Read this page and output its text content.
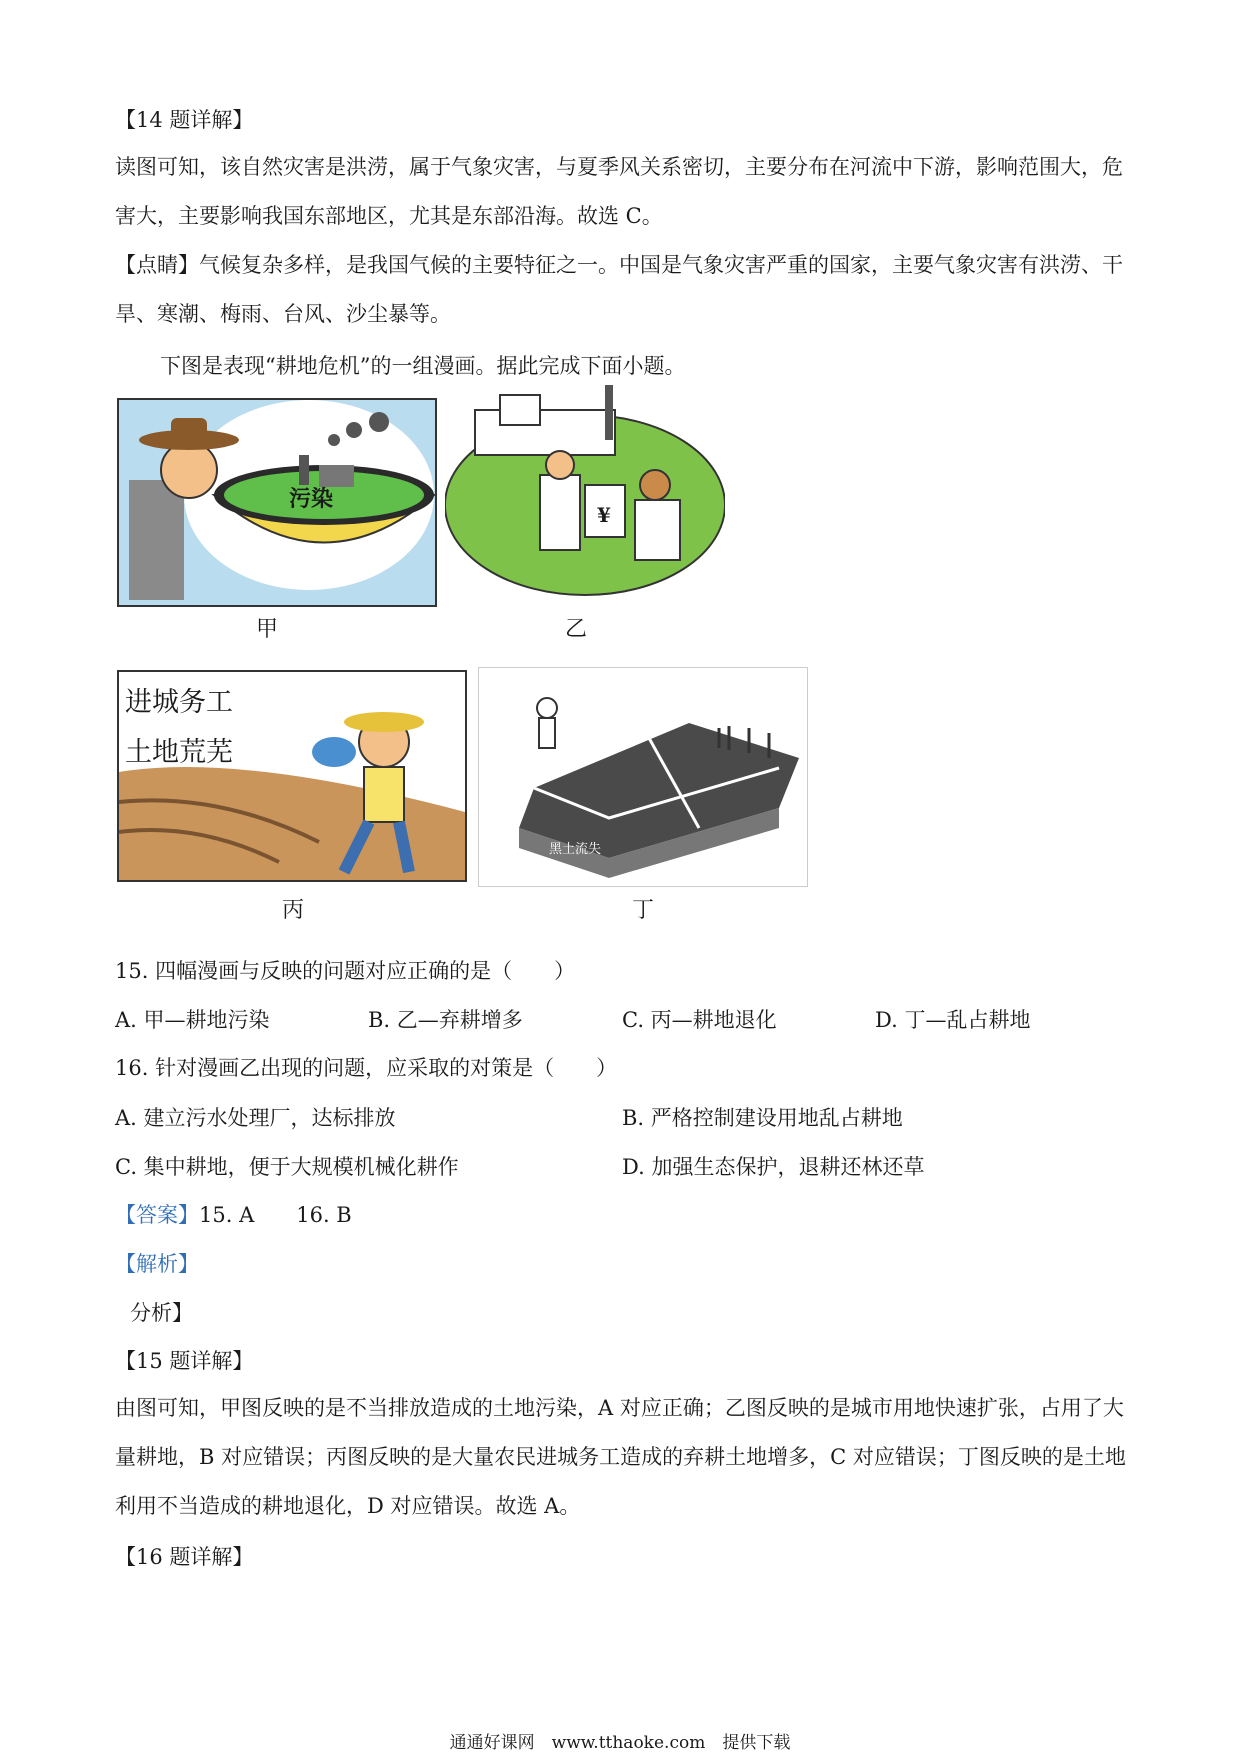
【14 题详解】
读图可知，该自然灾害是洪涝，属于气象灾害，与夏季风关系密切，主要分布在河流中下游，影响范围大，危害大，主要影响我国东部地区，尤其是东部沿海。故选 C。
【点睛】气候复杂多样，是我国气候的主要特征之一。中国是气象灾害严重的国家，主要气象灾害有洪涝、干旱、寒潮、梅雨、台风、沙尘暴等。
下图是表现“耕地危机”的一组漫画。据此完成下面小题。
污染
甲
¥
乙
进城务工
土地荒芜
丙
黑土流失
丁
15. 四幅漫画与反映的问题对应正确的是（　　）
A. 甲—耕地污染	B. 乙—弃耕增多	C. 丙—耕地退化	D. 丁—乱占耕地
16. 针对漫画乙出现的问题，应采取的对策是（　　）
A. 建立污水处理厂，达标排放	B. 严格控制建设用地乱占耕地
C. 集中耕地，便于大规模机械化耕作	D. 加强生态保护，退耕还林还草
【答案】15. A　　16. B
【解析】
分析】
【15 题详解】
由图可知，甲图反映的是不当排放造成的土地污染，A 对应正确；乙图反映的是城市用地快速扩张，占用了大量耕地，B 对应错误；丙图反映的是大量农民进城务工造成的弃耕土地增多，C 对应错误；丁图反映的是土地利用不当造成的耕地退化，D 对应错误。故选 A。
【16 题详解】
通通好课网　www.tthaoke.com　提供下载
